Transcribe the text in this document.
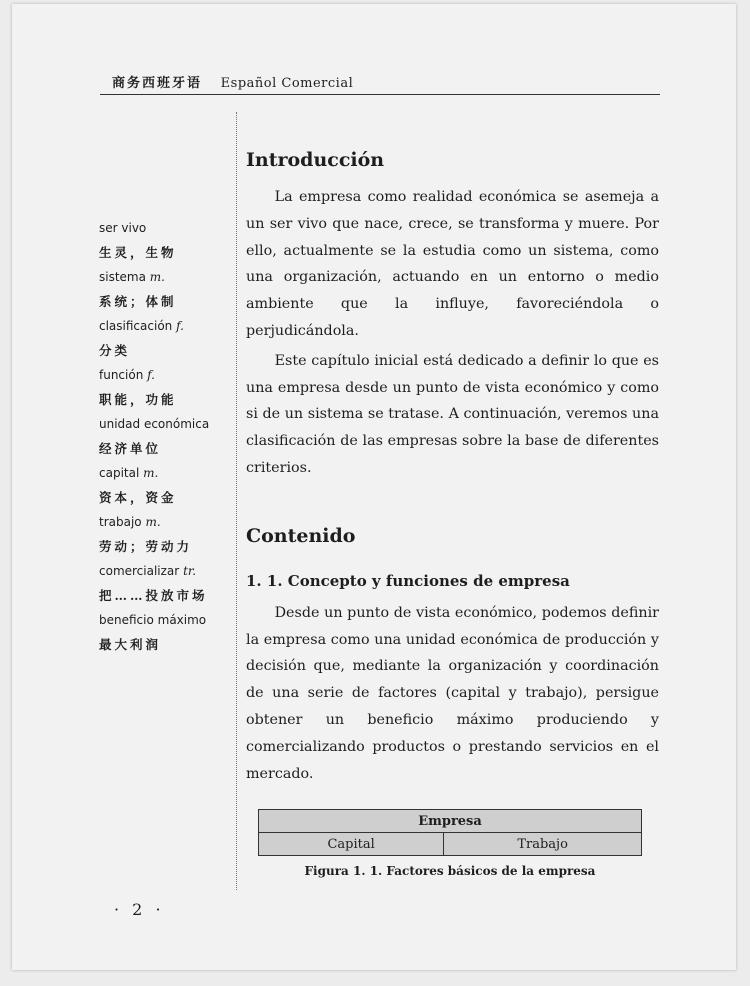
商务西班牙语 Español Comercial
ser vivo
生灵，生物
sistema m.
系统；体制
clasificación f.
分类
función f.
职能，功能
unidad económica
经济单位
capital m.
资本，资金
trabajo m.
劳动；劳动力
comercializar tr.
把……投放市场
beneficio máximo
最大利润
Introducción

La empresa como realidad económica se asemeja a un ser vivo que nace, crece, se transforma y muere. Por ello, actualmente se la estudia como un sistema, como una organización, actuando en un entorno o medio ambiente que la influye, favoreciéndola o perjudicándola.

Este capítulo inicial está dedicado a definir lo que es una empresa desde un punto de vista económico y como si de un sistema se tratase. A continuación, veremos una clasificación de las empresas sobre la base de diferentes criterios.

Contenido
1. 1. Concepto y funciones de empresa

Desde un punto de vista económico, podemos definir la empresa como una unidad económica de producción y decisión que, mediante la organización y coordinación de una serie de factores (capital y trabajo), persigue obtener un beneficio máximo produciendo y comercializando productos o prestando servicios en el mercado.

Empresa
Capital	Trabajo
Figura 1. 1. Factores básicos de la empresa
· 2 ·
